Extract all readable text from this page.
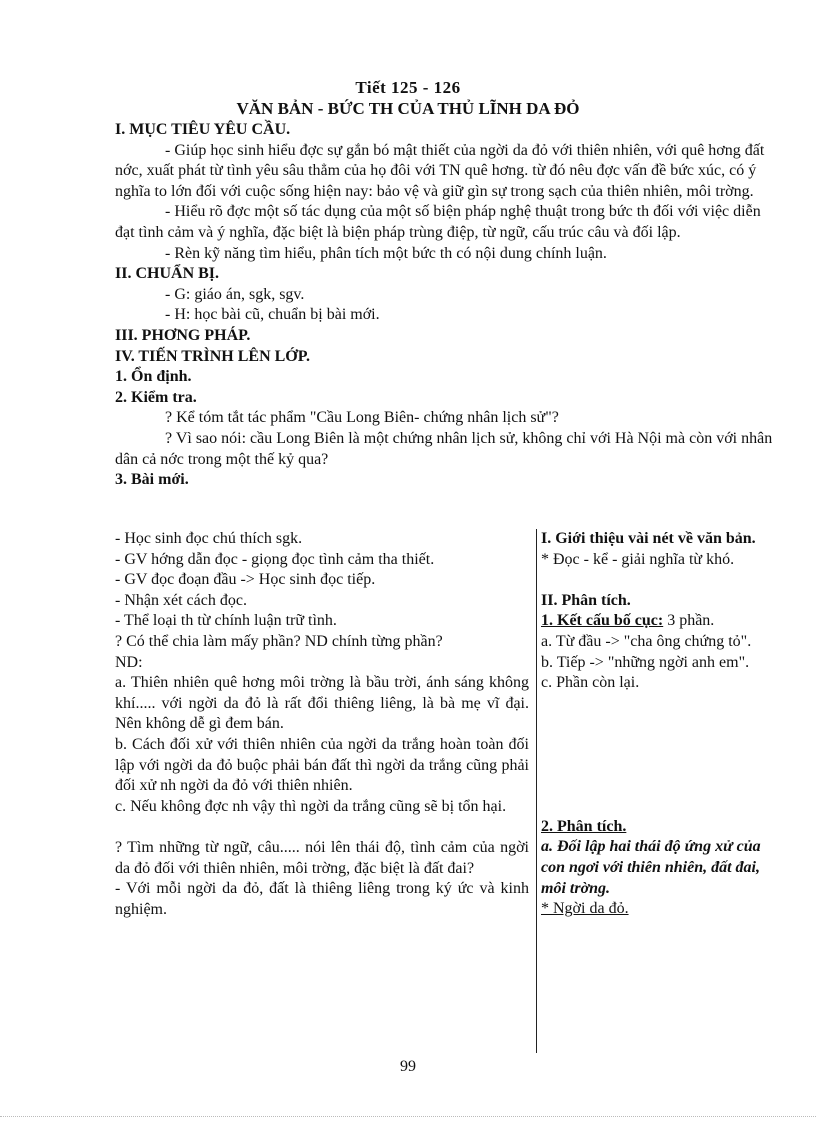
Tiết 125 - 126
VĂN BẢN - BỨC TH CỦA THỦ LĨNH DA ĐỎ

I. MỤC TIÊU YÊU CẦU.

- Giúp học sinh hiểu đợc sự gắn bó mật thiết của ngời da đỏ với thiên nhiên, với quê hơng đất nớc, xuất phát từ tình yêu sâu thẳm của họ đôi với TN quê hơng. từ đó nêu đợc vấn đề bức xúc, có ý nghĩa to lớn đối với cuộc sống hiện nay: bảo vệ và giữ gìn sự trong sạch của thiên nhiên, môi trờng.

- Hiểu rõ đợc một số tác dụng của một số biện pháp nghệ thuật trong bức th đối với việc diễn đạt tình cảm và ý nghĩa, đặc biệt là biện pháp trùng điệp, từ ngữ, cấu trúc câu và đối lập.

- Rèn kỹ năng tìm hiểu, phân tích một bức th có nội dung chính luận.

II. CHUẨN BỊ.

- G: giáo án, sgk, sgv.

- H: học bài cũ, chuẩn bị bài mới.

III. PHƠNG PHÁP.

IV. TIẾN TRÌNH LÊN LỚP.

1. Ổn định.

2. Kiểm tra.

? Kể tóm tắt tác phẩm "Cầu Long Biên- chứng nhân lịch sử"?

? Vì sao nói: cầu Long Biên là một chứng nhân lịch sử, không chỉ với Hà Nội mà còn với nhân dân cả nớc trong một thế kỷ qua?

3. Bài mới.

- Học sinh đọc chú thích sgk.

- GV hớng dẫn đọc - giọng đọc tình cảm tha thiết.

- GV đọc đoạn đầu -> Học sinh đọc tiếp.

- Nhận xét cách đọc.

- Thể loại th từ chính luận trữ tình.

? Có thể chia làm mấy phần? ND chính từng phần?

ND:

a. Thiên nhiên quê hơng môi trờng là bầu trời, ánh sáng không khí..... với ngời da đỏ là rất đổi thiêng liêng, là bà mẹ vĩ đại. Nên không dễ gì đem bán.

b. Cách đối xử với thiên nhiên của ngời da trắng hoàn toàn đối lập với ngời da đỏ buộc phải bán đất thì ngời da trắng cũng phải đối xử nh ngời da đỏ với thiên nhiên.

c. Nếu không đợc nh vậy thì ngời da trắng cũng sẽ bị tổn hại.

? Tìm những từ ngữ, câu..... nói lên thái độ, tình cảm của ngời da đỏ đối với thiên nhiên, môi trờng, đặc biệt là đất đai?

- Với mỗi ngời da đỏ, đất là thiêng liêng trong ký ức và kinh nghiệm.

I. Giới thiệu vài nét về văn bản.

* Đọc - kể - giải nghĩa từ khó.

II. Phân tích.

1. Kết cấu bố cục: 3 phần.

a. Từ đầu -> "cha ông chứng tỏ".

b. Tiếp -> "những ngời anh em".

c. Phần còn lại.

2. Phân tích.

a. Đối lập hai thái độ ứng xử của con ngơi với thiên nhiên, đất đai, môi trờng.

* Ngời da đỏ.

99
